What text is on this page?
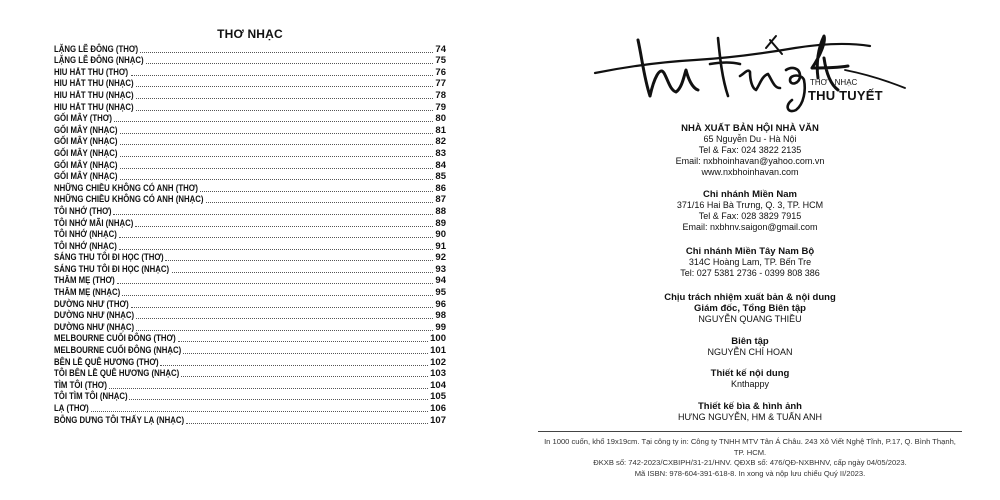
THƠ NHẠC
LẶNG LẼ ĐÔNG (THƠ)	74
LẶNG LẼ ĐÔNG (NHẠC)	75
HIU HẮT THU (THƠ)	76
HIU HẮT THU (NHẠC)	77
HIU HẮT THU (NHẠC)	78
HIU HẮT THU (NHẠC)	79
GỐI MÂY (THƠ)	80
GỐI MÂY (NHẠC)	81
GỐI MÂY (NHẠC)	82
GỐI MÂY (NHẠC)	83
GỐI MÂY (NHẠC)	84
GỐI MÂY (NHẠC)	85
NHỮNG CHIỀU KHÔNG CÓ ANH (THƠ)	86
NHỮNG CHIỀU KHÔNG CÓ ANH (NHẠC)	87
TÔI NHỚ (THƠ)	88
TÔI NHỚ MÃI (NHẠC)	89
TÔI NHỚ (NHẠC)	90
TÔI NHỚ (NHẠC)	91
SÁNG THU TÔI ĐI HỌC (THƠ)	92
SÁNG THU TÔI ĐI HỌC (NHẠC)	93
THĂM MẸ (THƠ)	94
THĂM MẸ (NHẠC)	95
DƯỜNG NHƯ (THƠ)	96
DƯỜNG NHƯ (NHẠC)	98
DƯỜNG NHƯ (NHẠC)	99
MELBOURNE CUỐI ĐÔNG (THƠ)	100
MELBOURNE CUỐI ĐÔNG (NHẠC)	101
BÊN LỀ QUÊ HƯƠNG (THƠ)	102
TÔI BÊN LỀ QUÊ HƯƠNG (NHẠC)	103
TÌM TÔI (THƠ)	104
TÔI TÌM TÔI (NHẠC)	105
LẠ (THƠ)	106
BỖNG DƯNG TÔI THẤY LẠ (NHẠC)	107
THƠ - NHẠC
THU TUYẾT
NHÀ XUẤT BẢN HỘI NHÀ VĂN
65 Nguyễn Du - Hà Nội
Tel & Fax: 024 3822 2135
Email: nxbhoinhavan@yahoo.com.vn
www.nxbhoinhavan.com
Chi nhánh Miền Nam
371/16 Hai Bà Trưng, Q. 3, TP. HCM
Tel & Fax: 028 3829 7915
Email: nxbhnv.saigon@gmail.com
Chi nhánh Miền Tây Nam Bộ
314C Hoàng Lam, TP. Bến Tre
Tel: 027 5381 2736 - 0399 808 386
Chịu trách nhiệm xuất bản & nội dung
Giám đốc, Tổng Biên tập
NGUYỄN QUANG THIỀU
Biên tập
NGUYỄN CHÍ HOAN
Thiết kế nội dung
Knthappy
Thiết kế bìa & hình ảnh
HƯNG NGUYỄN, HM & TUẤN ANH
In 1000 cuốn, khổ 19x19cm. Tại công ty in: Công ty TNHH MTV Tân Á Châu. 243 Xô Viết Nghệ Tĩnh, P.17, Q. Bình Thạnh, TP. HCM.
ĐKXB số: 742-2023/CXBIPH/31-21/HNV. QĐXB số: 476/QĐ-NXBHNV, cấp ngày 04/05/2023.
Mã ISBN: 978-604-391-618-8. In xong và nộp lưu chiểu Quý II/2023.
